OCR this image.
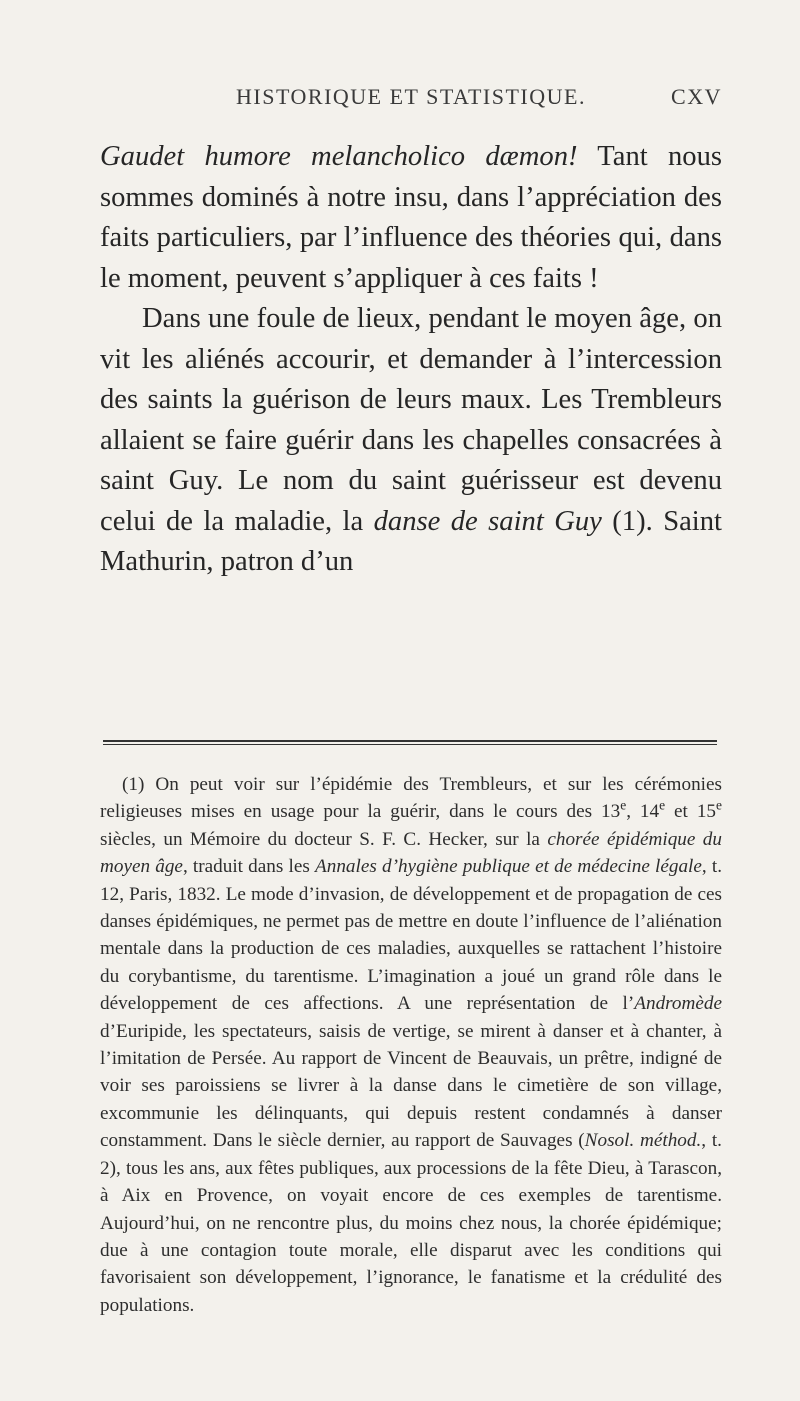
HISTORIQUE ET STATISTIQUE.	CXV

Gaudet humore melancholico dæmon! Tant nous sommes dominés à notre insu, dans l’appréciation des faits particuliers, par l’influence des théories qui, dans le moment, peuvent s’appliquer à ces faits !

Dans une foule de lieux, pendant le moyen âge, on vit les aliénés accourir, et demander à l’intercession des saints la guérison de leurs maux. Les Trembleurs allaient se faire guérir dans les chapelles consacrées à saint Guy. Le nom du saint guérisseur est devenu celui de la maladie, la danse de saint Guy (1). Saint Mathurin, patron d’un

(1) On peut voir sur l’épidémie des Trembleurs, et sur les cérémonies religieuses mises en usage pour la guérir, dans le cours des 13e, 14e et 15e siècles, un Mémoire du docteur S. F. C. Hecker, sur la chorée épidémique du moyen âge, traduit dans les Annales d’hygiène publique et de médecine légale, t. 12, Paris, 1832. Le mode d’invasion, de développement et de propagation de ces danses épidémiques, ne permet pas de mettre en doute l’influence de l’aliénation mentale dans la production de ces maladies, auxquelles se rattachent l’histoire du corybantisme, du tarentisme. L’imagination a joué un grand rôle dans le développement de ces affections. A une représentation de l’Andromède d’Euripide, les spectateurs, saisis de vertige, se mirent à danser et à chanter, à l’imitation de Persée. Au rapport de Vincent de Beauvais, un prêtre, indigné de voir ses paroissiens se livrer à la danse dans le cimetière de son village, excommunie les délinquants, qui depuis restent condamnés à danser constamment. Dans le siècle dernier, au rapport de Sauvages (Nosol. méthod., t. 2), tous les ans, aux fêtes publiques, aux processions de la fête Dieu, à Tarascon, à Aix en Provence, on voyait encore de ces exemples de tarentisme. Aujourd’hui, on ne rencontre plus, du moins chez nous, la chorée épidémique; due à une contagion toute morale, elle disparut avec les conditions qui favorisaient son développement, l’ignorance, le fanatisme et la crédulité des populations.
